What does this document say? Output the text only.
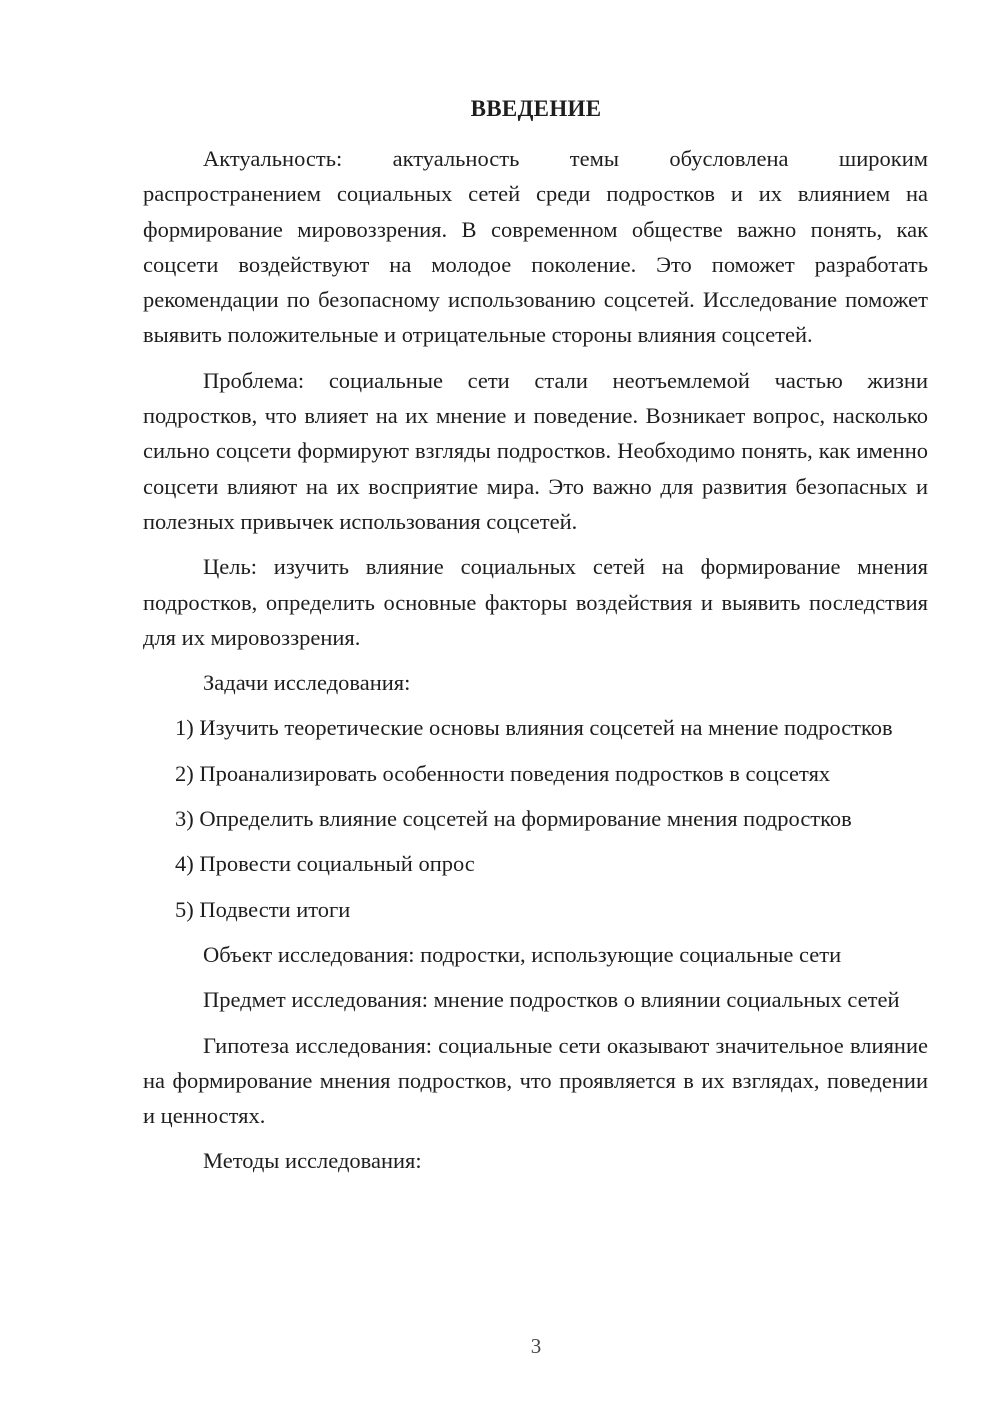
ВВЕДЕНИЕ

Актуальность: актуальность темы обусловлена широким распространением социальных сетей среди подростков и их влиянием на формирование мировоззрения. В современном обществе важно понять, как соцсети воздействуют на молодое поколение. Это поможет разработать рекомендации по безопасному использованию соцсетей. Исследование поможет выявить положительные и отрицательные стороны влияния соцсетей.

Проблема: социальные сети стали неотъемлемой частью жизни подростков, что влияет на их мнение и поведение. Возникает вопрос, насколько сильно соцсети формируют взгляды подростков. Необходимо понять, как именно соцсети влияют на их восприятие мира. Это важно для развития безопасных и полезных привычек использования соцсетей.

Цель: изучить влияние социальных сетей на формирование мнения подростков, определить основные факторы воздействия и выявить последствия для их мировоззрения.

Задачи исследования:

1) Изучить теоретические основы влияния соцсетей на мнение подростков

2) Проанализировать особенности поведения подростков в соцсетях

3) Определить влияние соцсетей на формирование мнения подростков

4) Провести социальный опрос

5) Подвести итоги

Объект исследования: подростки, использующие социальные сети

Предмет исследования: мнение подростков о влиянии социальных сетей

Гипотеза исследования: социальные сети оказывают значительное влияние на формирование мнения подростков, что проявляется в их взглядах, поведении и ценностях.

Методы исследования:

3
